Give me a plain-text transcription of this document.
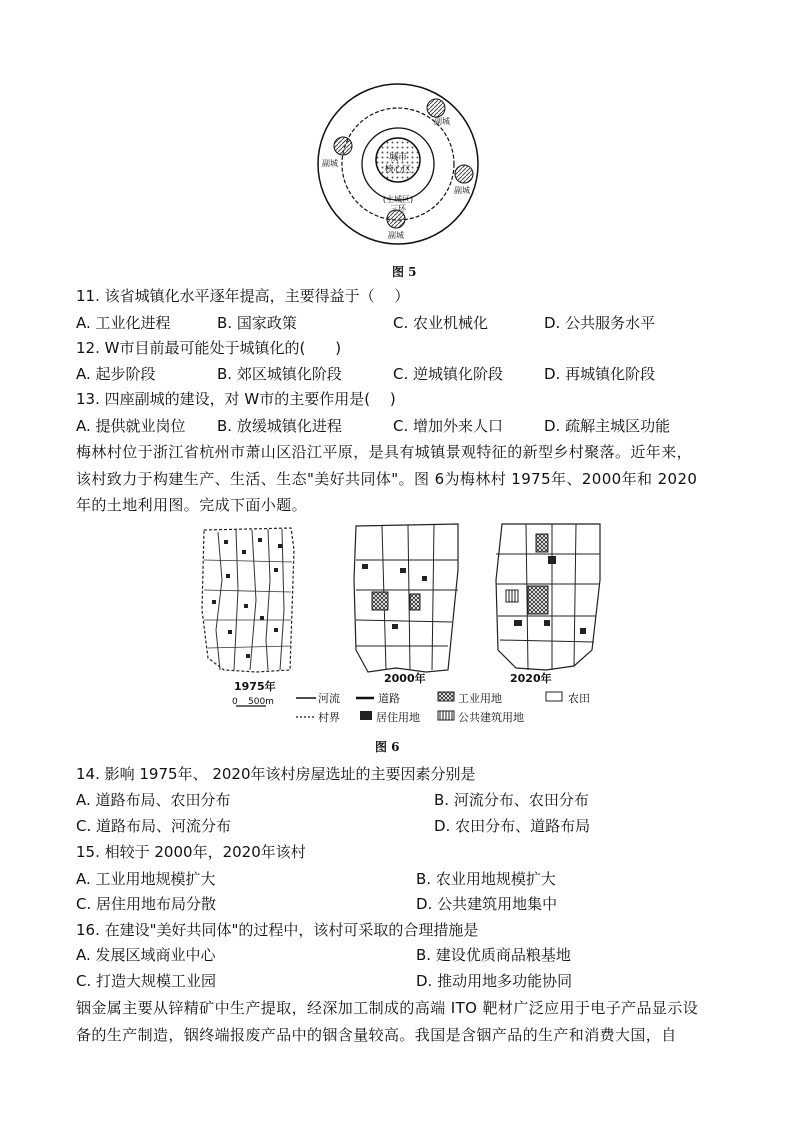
城市
核心区
(主城区)
三环
副城
副城
副城
副城
图 5
11. 该省城镇化水平逐年提高，主要得益于（　 ）
A. 工业化进程	B. 国家政策	C. 农业机械化	D. 公共服务水平
12. W市目前最可能处于城镇化的(　　)
A. 起步阶段	B. 郊区城镇化阶段	C. 逆城镇化阶段	D. 再城镇化阶段
13. 四座副城的建设，对 W市的主要作用是(　 )
A. 提供就业岗位 B. 放缓城镇化进程	C. 增加外来人口	D. 疏解主城区功能
梅林村位于浙江省杭州市萧山区沿江平原，是具有城镇景观特征的新型乡村聚落。近年来，
该村致力于构建生产、生活、生态"美好共同体"。图 6为梅林村 1975年、2000年和 2020
年的土地利用图。完成下面小题。
1975年
2000年	2020年
0 500m	河流	道路	工业用地	农田
村界	居住用地	公共建筑用地
图 6
14. 影响 1975年、 2020年该村房屋选址的主要因素分别是
A. 道路布局、农田分布	B. 河流分布、农田分布
C. 道路布局、河流分布	D. 农田分布、道路布局
15. 相较于 2000年，2020年该村
A. 工业用地规模扩大	B. 农业用地规模扩大
C. 居住用地布局分散	D. 公共建筑用地集中
16. 在建设"美好共同体"的过程中，该村可采取的合理措施是
A. 发展区域商业中心	B. 建设优质商品粮基地
C. 打造大规模工业园	D. 推动用地多功能协同
铟金属主要从锌精矿中生产提取，经深加工制成的高端 ITO 靶材广泛应用于电子产品显示设
备的生产制造，铟终端报废产品中的铟含量较高。我国是含铟产品的生产和消费大国，自
